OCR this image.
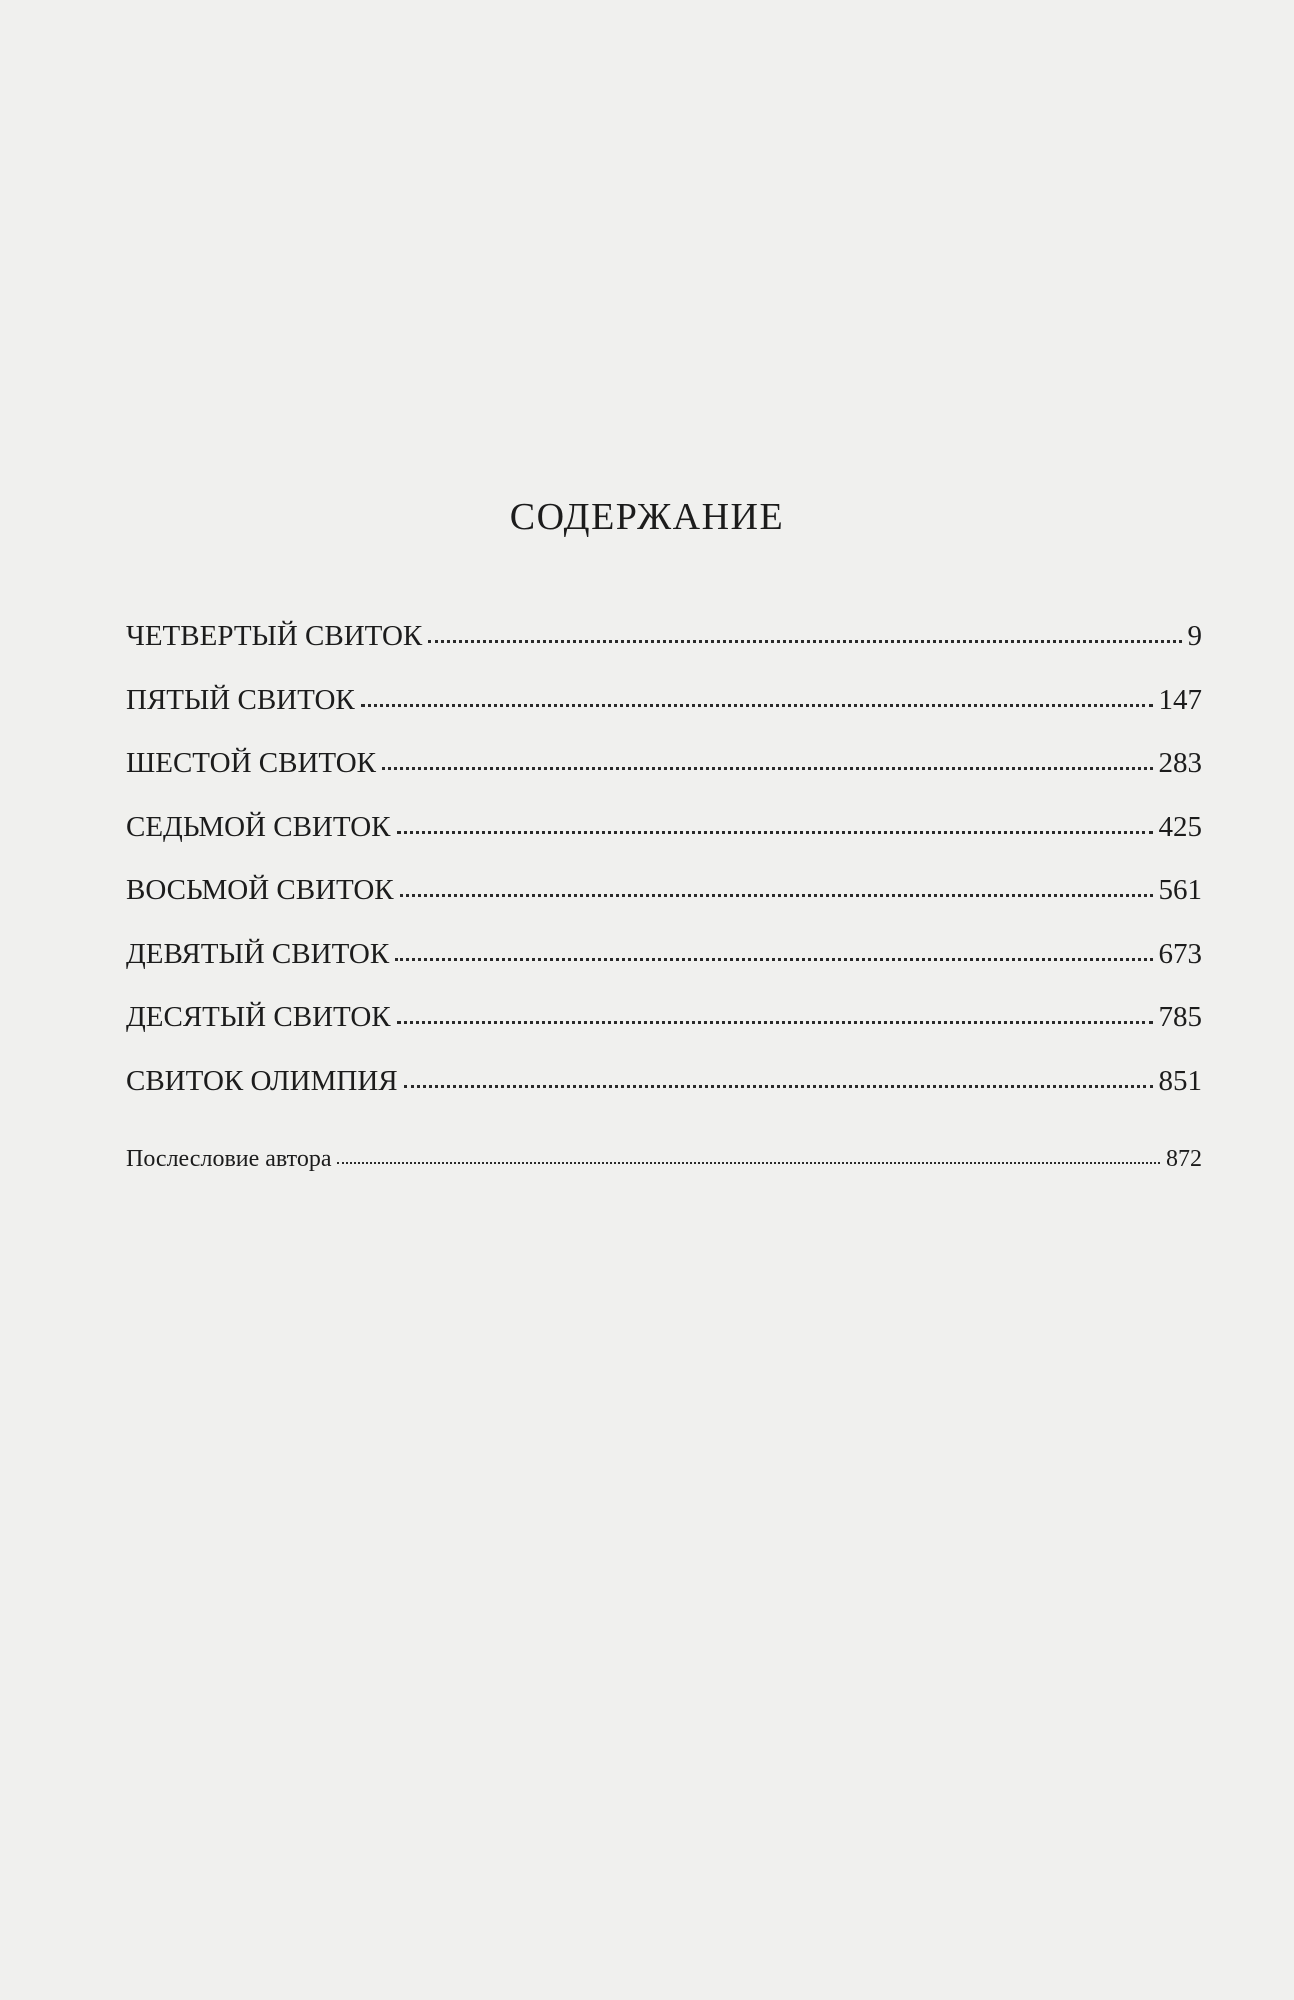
СОДЕРЖАНИЕ
ЧЕТВЕРТЫЙ СВИТОК	9
ПЯТЫЙ СВИТОК	147
ШЕСТОЙ СВИТОК	283
СЕДЬМОЙ СВИТОК	425
ВОСЬМОЙ СВИТОК	561
ДЕВЯТЫЙ СВИТОК	673
ДЕСЯТЫЙ СВИТОК	785
СВИТОК ОЛИМПИЯ	851
Послесловие автора	872
